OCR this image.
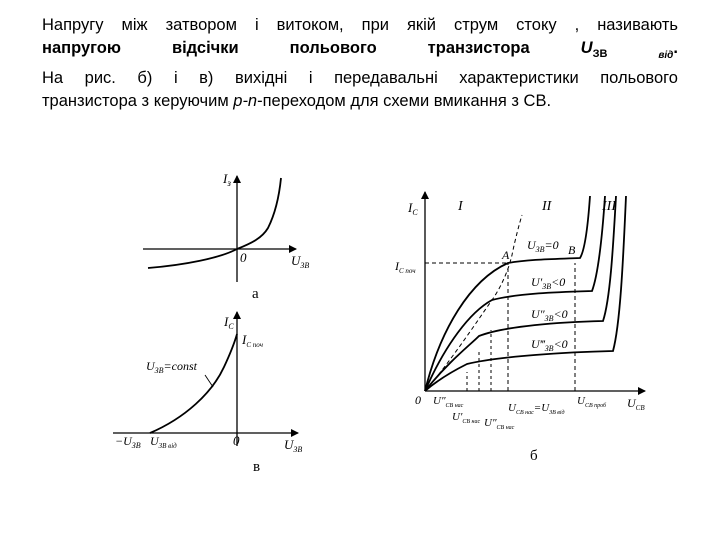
Напругу між затвором і витоком, при якій струм стоку , називають
напругою	відсічки	польового	транзистора	$U_{ЗВ}$	$_{від}$.
На рис. б) і в) вихідні і передавальні характеристики польового
транзистора з керуючим p-n-переходом для схеми вмикання з СВ.
$I_з$
0	$U_{ЗВ}$
а
$I_С$
$I_{С поч}$
$U_{ЗВ}=const$
$-U_{ЗВ}$ $U_{ЗВ від}$	0	$U_{ЗВ}$
в
$I_С$	I	II	III
$I_{С поч}$
A	B
$U_{ЗВ}=0$
$U'_{ЗВ}<0$
$U''_{ЗВ}<0$
$U‴_{ЗВ}<0$
0 $U''_{СВ нас}$
$U'_{СВ нас}$ $U''_{СВ нас}$
$U_{СВ нас}=U_{ЗВ від}$
$U_{СВ проб}$ $U_{СВ}$
б
